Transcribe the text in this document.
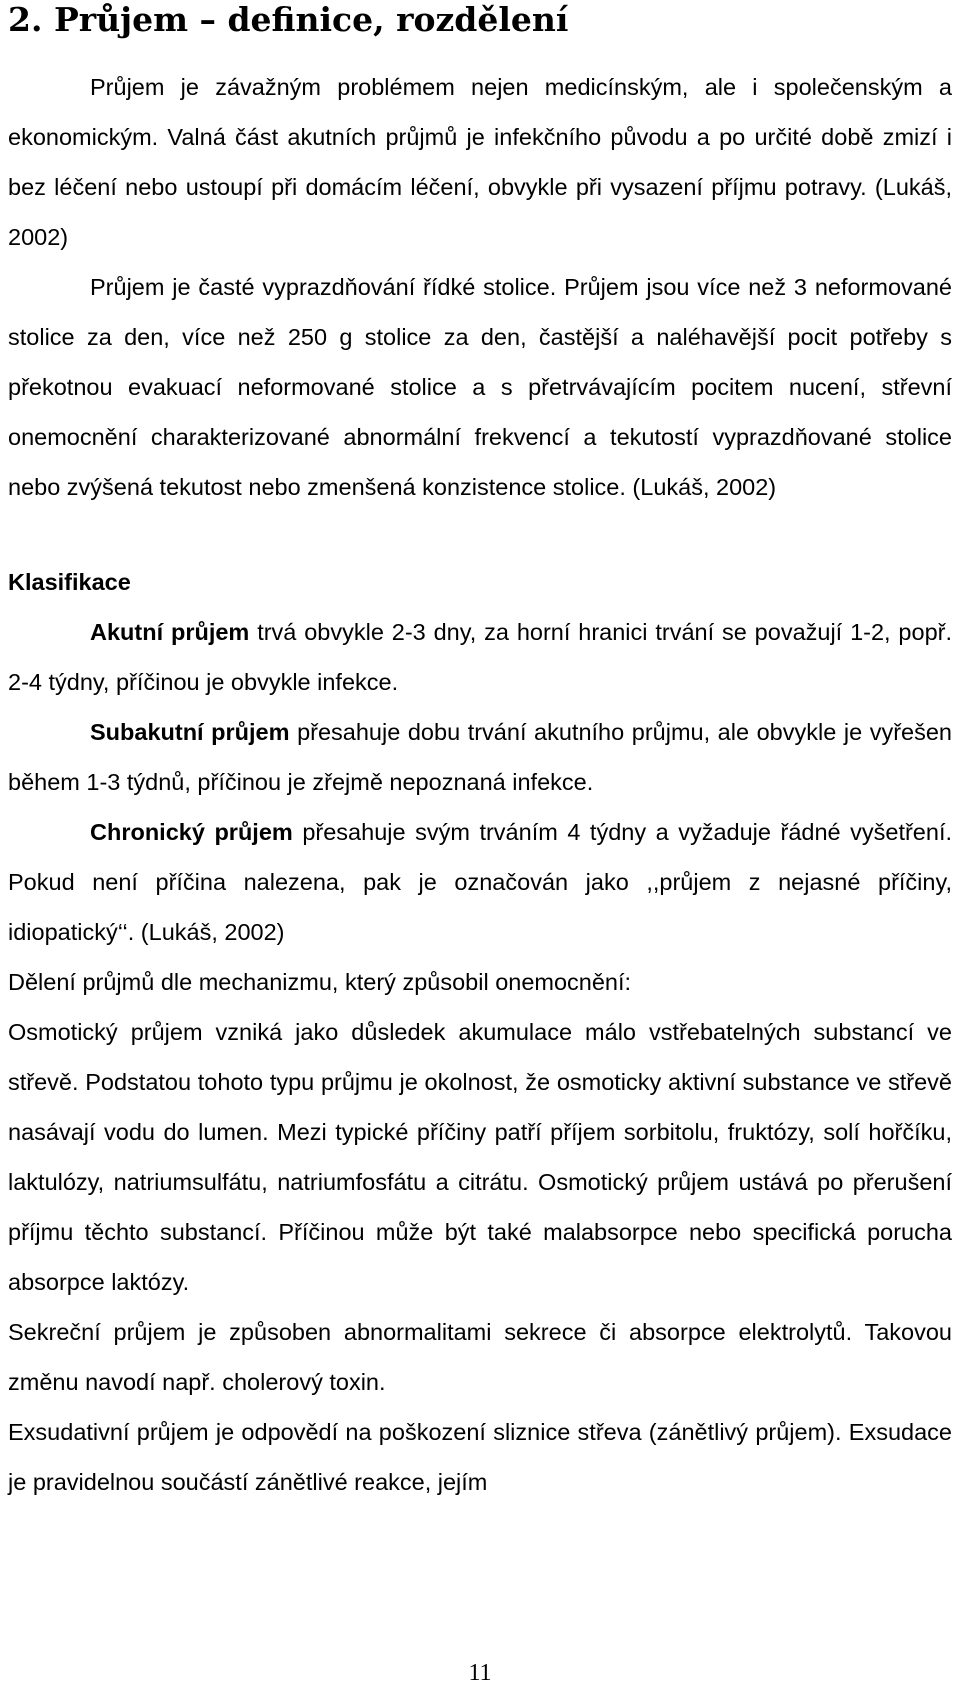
2. Průjem – definice, rozdělení

Průjem je závažným problémem nejen medicínským, ale i společenským a ekonomickým. Valná část akutních průjmů je infekčního původu a po určité době zmizí i bez léčení nebo ustoupí při domácím léčení, obvykle při vysazení příjmu potravy. (Lukáš, 2002)

Průjem je časté vyprazdňování řídké stolice. Průjem jsou více než 3 neformované stolice za den, více než 250 g stolice za den, častější a naléhavější pocit potřeby s překotnou evakuací neformované stolice a s přetrvávajícím pocitem nucení, střevní onemocnění charakterizované abnormální frekvencí a tekutostí vyprazdňované stolice nebo zvýšená tekutost nebo zmenšená konzistence stolice. (Lukáš, 2002)

Klasifikace

Akutní průjem trvá obvykle 2-3 dny, za horní hranici trvání se považují 1-2, popř. 2-4 týdny, příčinou je obvykle infekce.

Subakutní průjem přesahuje dobu trvání akutního průjmu, ale obvykle je vyřešen během 1-3 týdnů, příčinou je zřejmě nepoznaná infekce.

Chronický průjem přesahuje svým trváním 4 týdny a vyžaduje řádné vyšetření. Pokud není příčina nalezena, pak je označován jako ,,průjem z nejasné příčiny, idiopatický‘‘. (Lukáš, 2002)

Dělení průjmů dle mechanizmu, který způsobil onemocnění:

Osmotický průjem vzniká jako důsledek akumulace málo vstřebatelných substancí ve střevě. Podstatou tohoto typu průjmu je okolnost, že osmoticky aktivní substance ve střevě nasávají vodu do lumen. Mezi typické příčiny patří příjem sorbitolu, fruktózy, solí hořčíku, laktulózy, natriumsulfátu, natriumfosfátu a citrátu. Osmotický průjem ustává po přerušení příjmu těchto substancí. Příčinou může být také malabsorpce nebo specifická porucha absorpce laktózy.

Sekreční průjem je způsoben abnormalitami sekrece či absorpce elektrolytů. Takovou změnu navodí např. cholerový toxin.

Exsudativní průjem je odpovědí na poškození sliznice střeva (zánětlivý průjem). Exsudace je pravidelnou součástí zánětlivé reakce, jejím

11
